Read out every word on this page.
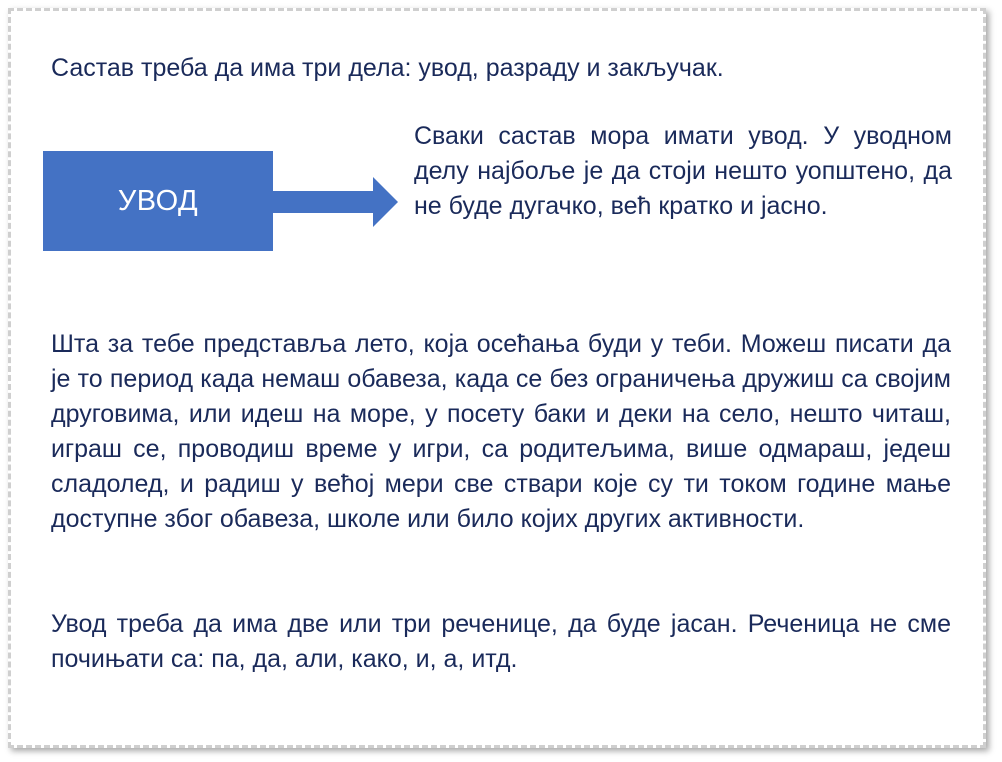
Састав треба да има три дела: увод, разраду и закључак.
УВОД
Сваки састав мора имати увод. У уводном делу најбоље је да стоји нешто уопштено, да не буде дугачко, већ кратко и јасно.
Шта за тебе представља лето, која осећања буди у теби. Можеш писати да је то период када немаш обавеза, када се без ограничења дружиш са својим друговима, или идеш на море, у посету баки и деки на село, нешто читаш, играш се, проводиш време у игри, са родитељима, више одмараш, једеш сладолед, и радиш у већој мери све ствари које су ти током године мање доступне због обавеза, школе или било којих других активности.
Увод треба да има две или три реченице, да буде јасан. Реченица не сме почињати са: па, да, али, како, и, а, итд.
